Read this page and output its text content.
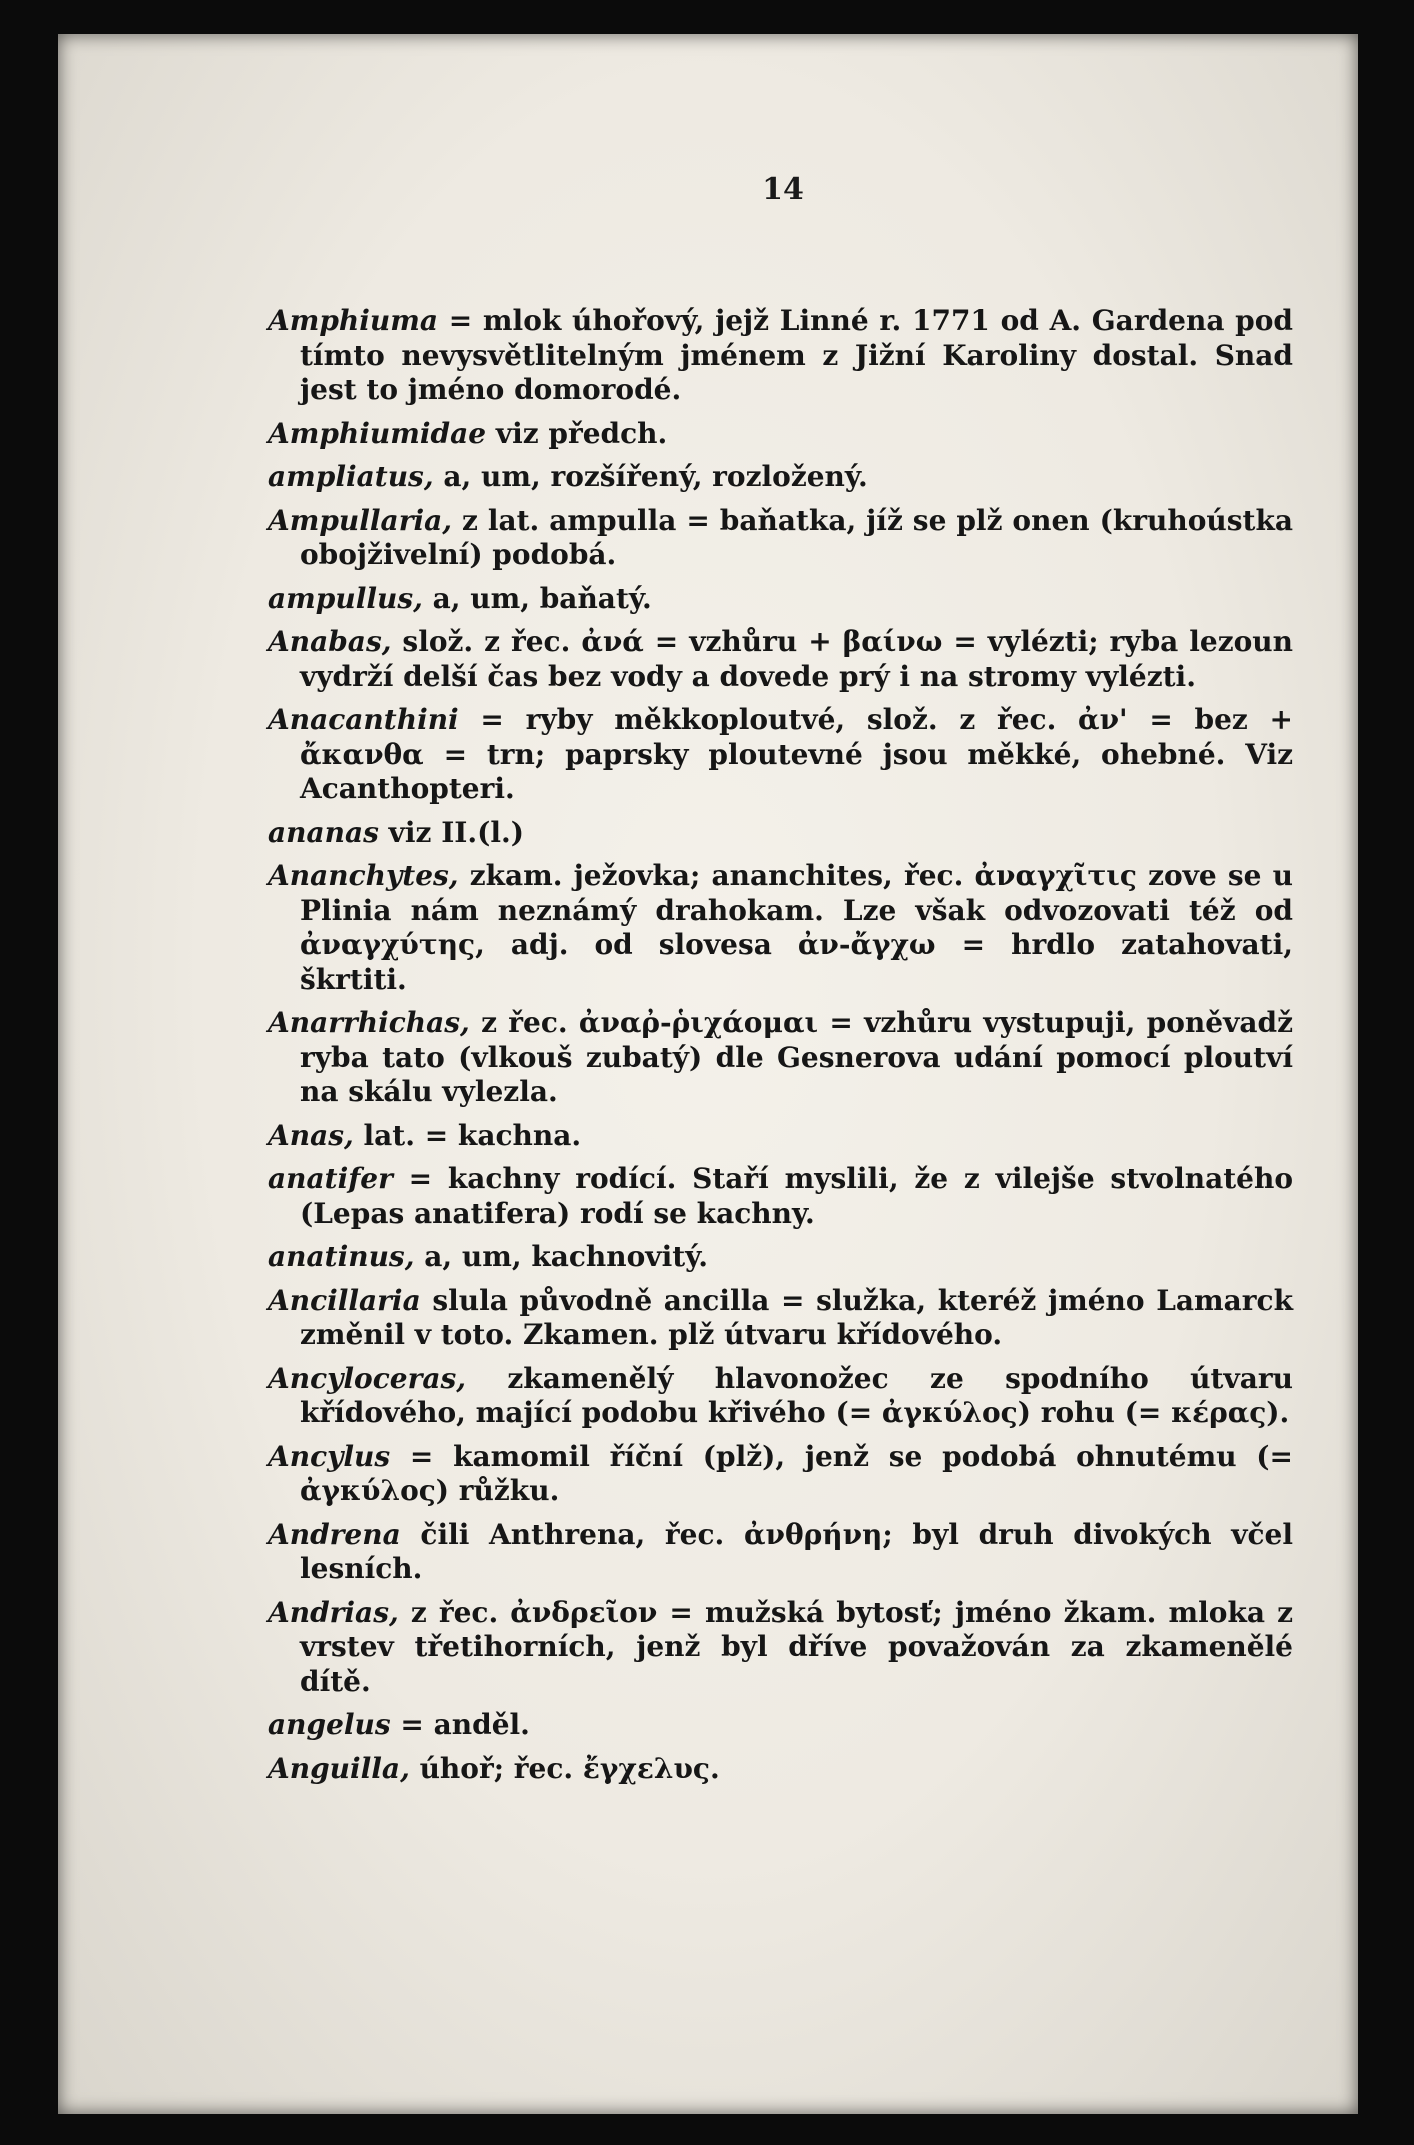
14

Amphiuma = mlok úhořový, jejž Linné r. 1771 od A. Gardena pod tímto nevysvětlitelným jménem z Jižní Karoliny dostal. Snad jest to jméno domorodé.

Amphiumidae viz předch.

ampliatus, a, um, rozšířený, rozložený.

Ampullaria, z lat. ampulla = baňatka, jíž se plž onen (kruhoústka obojživelní) podobá.

ampullus, a, um, baňatý.

Anabas, slož. z řec. ἀνά = vzhůru + βαίνω = vylézti; ryba lezoun vydrží delší čas bez vody a dovede prý i na stromy vylézti.

Anacanthini = ryby měkkoploutvé, slož. z řec. ἀν' = bez + ἄκανθα = trn; paprsky ploutevné jsou měkké, ohebné. Viz Acanthopteri.

ananas viz II.(l.)

Ananchytes, zkam. ježovka; ananchites, řec. ἀναγχῖτις zove se u Plinia nám neznámý drahokam. Lze však odvozovati též od ἀναγχύτης, adj. od slovesa ἀν-ἄγχω = hrdlo zatahovati, škrtiti.

Anarrhichas, z řec. ἀναῤ-ῥιχάομαι = vzhůru vystupuji, poněvadž ryba tato (vlkouš zubatý) dle Gesnerova udání pomocí ploutví na skálu vylezla.

Anas, lat. = kachna.

anatifer = kachny rodící. Staří myslili, že z vilejše stvolnatého (Lepas anatifera) rodí se kachny.

anatinus, a, um, kachnovitý.

Ancillaria slula původně ancilla = služka, kteréž jméno Lamarck změnil v toto. Zkamen. plž útvaru křídového.

Ancyloceras, zkamenělý hlavonožec ze spodního útvaru křídového, mající podobu křivého (= ἀγκύλος) rohu (= κέρας).

Ancylus = kamomil říční (plž), jenž se podobá ohnutému (= ἀγκύλος) růžku.

Andrena čili Anthrena, řec. ἀνθρήνη; byl druh divokých včel lesních.

Andrias, z řec. ἀνδρεῖον = mužská bytosť; jméno žkam. mloka z vrstev třetihorních, jenž byl dříve považován za zkamenělé dítě.

angelus = anděl.

Anguilla, úhoř; řec. ἔγχελυς.
